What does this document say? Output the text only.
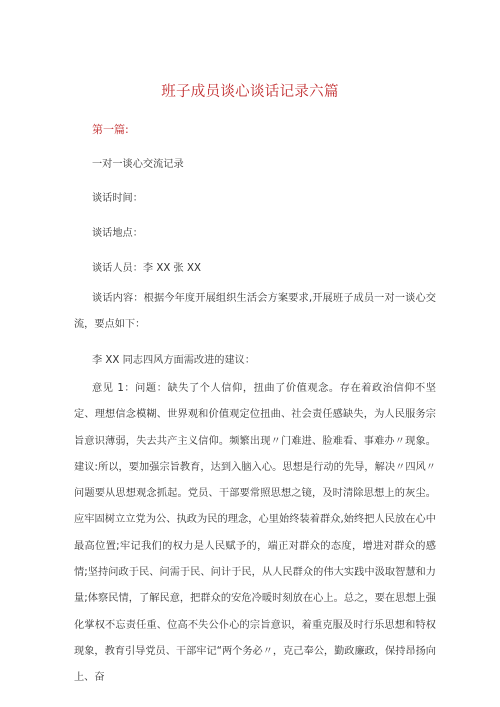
班子成员谈心谈话记录六篇
第一篇:
一对一谈心交流记录
谈话时间：
谈话地点：
谈话人员：李 XX 张 XX
谈话内容：根据今年度开展组织生活会方案要求,开展班子成员一对一谈心交流，要点如下：
李 XX 同志四风方面需改进的建议：
意见 1：问题：缺失了个人信仰，扭曲了价值观念。存在着政治信仰不坚定、理想信念模糊、世界观和价值观定位扭曲、社会责任感缺失，为人民服务宗旨意识薄弱，失去共产主义信仰。频繁出现〃门难进、脸难看、事难办〃现象。建议:所以，要加强宗旨教育，达到入脑入心。思想是行动的先导，解决〃四风〃问题要从思想观念抓起。党员、干部要常照思想之镜，及时清除思想上的灰尘。应牢固树立立党为公、执政为民的理念，心里始终装着群众,始终把人民放在心中最高位置;牢记我们的权力是人民赋予的，端正对群众的态度，增进对群众的感情;坚持问政于民、问需于民、问计于民，从人民群众的伟大实践中汲取智慧和力量;体察民情，了解民意，把群众的安危冷暖时刻放在心上。总之，要在思想上强化掌权不忘责任重、位高不失公仆心的宗旨意识，着重克服及时行乐思想和特权现象，教育引导党员、干部牢记“两个务必〃，克己奉公，勤政廉政，保持昂扬向上、奋
